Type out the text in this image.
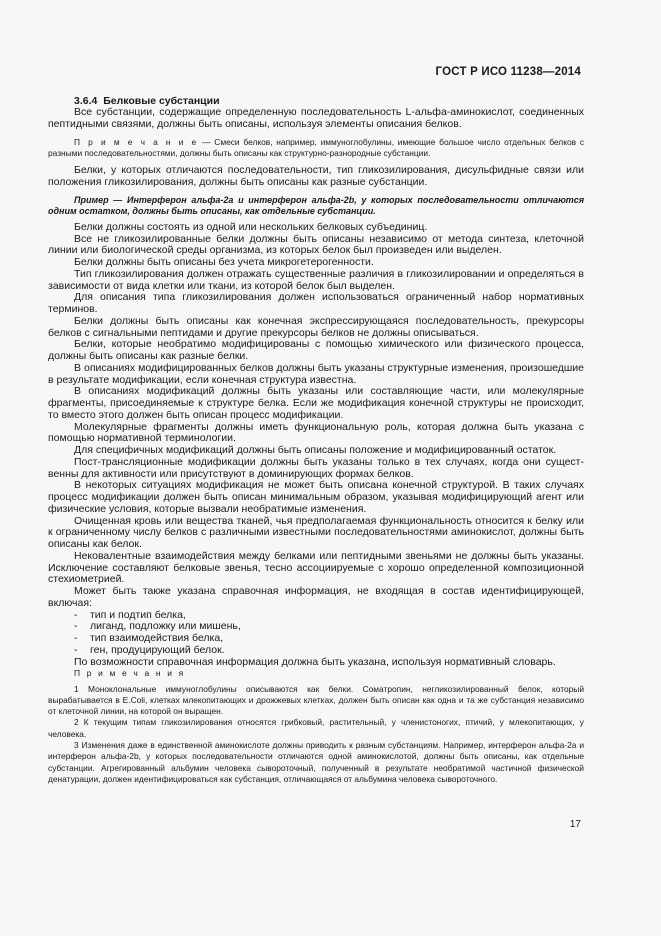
ГОСТ Р ИСО 11238—2014

3.6.4 Белковые субстанции

Все субстанции, содержащие определенную последовательность L-альфа-аминокислот, соединенных пептидными связями, должны быть описаны, используя элементы описания белков.

П р и м е ч а н и е — Смеси белков, например, иммуноглобулины, имеющие большое число отдельных белков с разными последовательностями, должны быть описаны как структурно-разнородные субстанции.

Белки, у которых отличаются последовательности, тип гликозилирования, дисульфидные связи или положения гликозилирования, должны быть описаны как разные субстанции.

Пример — Интерферон альфа-2a и интерферон альфа-2b, у которых последовательности отличаются одним остатком, должны быть описаны, как отдельные субстанции.

Белки должны состоять из одной или нескольких белковых субъединиц.

Все не гликозилированные белки должны быть описаны независимо от метода синтеза, клеточной линии или биологической среды организма, из которых белок был произведен или выделен.

Белки должны быть описаны без учета микрогетерогенности.

Тип гликозилирования должен отражать существенные различия в гликозилировании и определяться в зависимости от вида клетки или ткани, из которой белок был выделен.

Для описания типа гликозилирования должен использоваться ограниченный набор нормативных терминов.

Белки должны быть описаны как конечная экспрессирующаяся последовательность, прекурсоры белков с сигнальными пептидами и другие прекурсоры белков не должны описываться.

Белки, которые необратимо модифицированы с помощью химического или физического процесса, должны быть описаны как разные белки.

В описаниях модифицированных белков должны быть указаны структурные изменения, произошедшие в результате модификации, если конечная структура известна.

В описаниях модификаций должны быть указаны или составляющие части, или молекулярные фрагменты, присоединяемые к структуре белка. Если же модификация конечной структуры не происходит, то вместо этого должен быть описан процесс модификации.

Молекулярные фрагменты должны иметь функциональную роль, которая должна быть указана с помощью нормативной терминологии.

Для специфичных модификаций должны быть описаны положение и модифицированный остаток.

Пост-трансляционные модификации должны быть указаны только в тех случаях, когда они существенны для активности или присутствуют в доминирующих формах белков.

В некоторых ситуациях модификация не может быть описана конечной структурой. В таких случаях процесс модификации должен быть описан минимальным образом, указывая модифицирующий агент или физические условия, которые вызвали необратимые изменения.

Очищенная кровь или вещества тканей, чья предполагаемая функциональность относится к белку или к ограниченному числу белков с различными известными последовательностями аминокислот, должны быть описаны как белок.

Нековалентные взаимодействия между белками или пептидными звеньями не должны быть указаны. Исключение составляют белковые звенья, тесно ассоциируемые с хорошо определенной композиционной стехиометрией.

Может быть также указана справочная информация, не входящая в состав идентифицирующей, включая:

- тип и подтип белка,

- лиганд, подложку или мишень,

- тип взаимодействия белка,

- ген, продуцирующий белок.

По возможности справочная информация должна быть указана, используя нормативный словарь.

П р и м е ч а н и я

1 Моноклональные иммуноглобулины описываются как белки. Соматропин, негликозилированный белок, который вырабатывается в E.Coli, клетках млекопитающих и дрожжевых клетках, должен быть описан как одна и та же субстанция независимо от клеточной линии, на которой он выращен.

2 К текущим типам гликозилирования относятся грибковый, растительный, у членистоногих, птичий, у млекопитающих, у человека.

3 Изменения даже в единственной аминокислоте должны приводить к разным субстанциям. Например, интерферон альфа-2a и интерферон альфа-2b, у которых последовательности отличаются одной аминокислотой, должны быть описаны, как отдельные субстанции. Агрегированный альбумин человека сывороточный, полученный в результате необратимой частичной физической денатурации, должен идентифицироваться как субстанция, отличающаяся от альбумина человека сывороточного.

17
